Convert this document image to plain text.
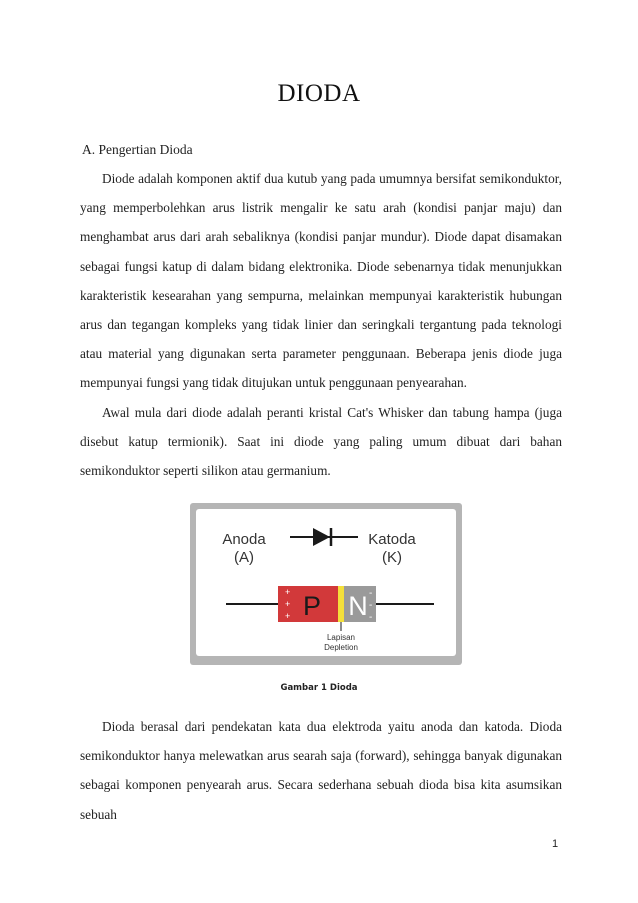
DIODA
A. Pengertian Dioda

Diode adalah komponen aktif dua kutub yang pada umumnya bersifat semikonduktor, yang memperbolehkan arus listrik mengalir ke satu arah (kondisi panjar maju) dan menghambat arus dari arah sebaliknya (kondisi panjar mundur). Diode dapat disamakan sebagai fungsi katup di dalam bidang elektronika. Diode sebenarnya tidak menunjukkan karakteristik kesearahan yang sempurna, melainkan mempunyai karakteristik hubungan arus dan tegangan kompleks yang tidak linier dan seringkali tergantung pada teknologi atau material yang digunakan serta parameter penggunaan. Beberapa jenis diode juga mempunyai fungsi yang tidak ditujukan untuk penggunaan penyearahan.

Awal mula dari diode adalah peranti kristal Cat's Whisker dan tabung hampa (juga disebut katup termionik). Saat ini diode yang paling umum dibuat dari bahan semikonduktor seperti silikon atau germanium.

Anoda
(A)
Katoda
(K)
+
+
+ P N -
-
-
Lapisan
Depletion
Gambar 1 Dioda

Dioda berasal dari pendekatan kata dua elektroda yaitu anoda dan katoda. Dioda semikonduktor hanya melewatkan arus searah saja (forward), sehingga banyak digunakan sebagai komponen penyearah arus. Secara sederhana sebuah dioda bisa kita asumsikan sebuah

1
